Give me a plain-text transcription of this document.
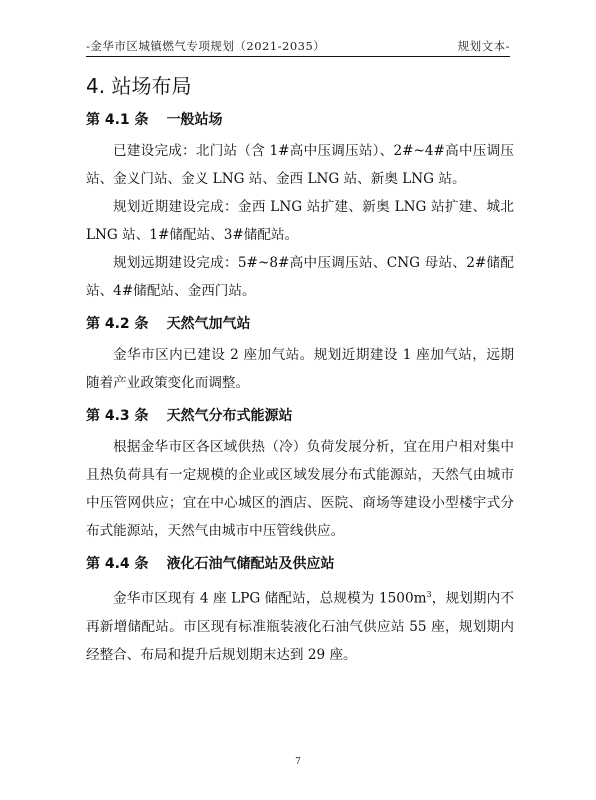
-金华市区城镇燃气专项规划（2021-2035）	规划文本-
4. 站场布局
第 4.1 条 一般站场

已建设完成：北门站（含 1#高中压调压站）、2#~4#高中压调压站、金义门站、金义 LNG 站、金西 LNG 站、新奥 LNG 站。

规划近期建设完成：金西 LNG 站扩建、新奥 LNG 站扩建、城北 LNG 站、1#储配站、3#储配站。

规划远期建设完成：5#~8#高中压调压站、CNG 母站、2#储配站、4#储配站、金西门站。

第 4.2 条 天然气加气站

金华市区内已建设 2 座加气站。规划近期建设 1 座加气站，远期随着产业政策变化而调整。

第 4.3 条 天然气分布式能源站

根据金华市区各区域供热（冷）负荷发展分析，宜在用户相对集中且热负荷具有一定规模的企业或区域发展分布式能源站，天然气由城市中压管网供应；宜在中心城区的酒店、医院、商场等建设小型楼宇式分布式能源站，天然气由城市中压管线供应。

第 4.4 条 液化石油气储配站及供应站

金华市区现有 4 座 LPG 储配站，总规模为 $1500m^3$，规划期内不再新增储配站。市区现有标准瓶装液化石油气供应站 55 座，规划期内经整合、布局和提升后规划期末达到 29 座。

7
